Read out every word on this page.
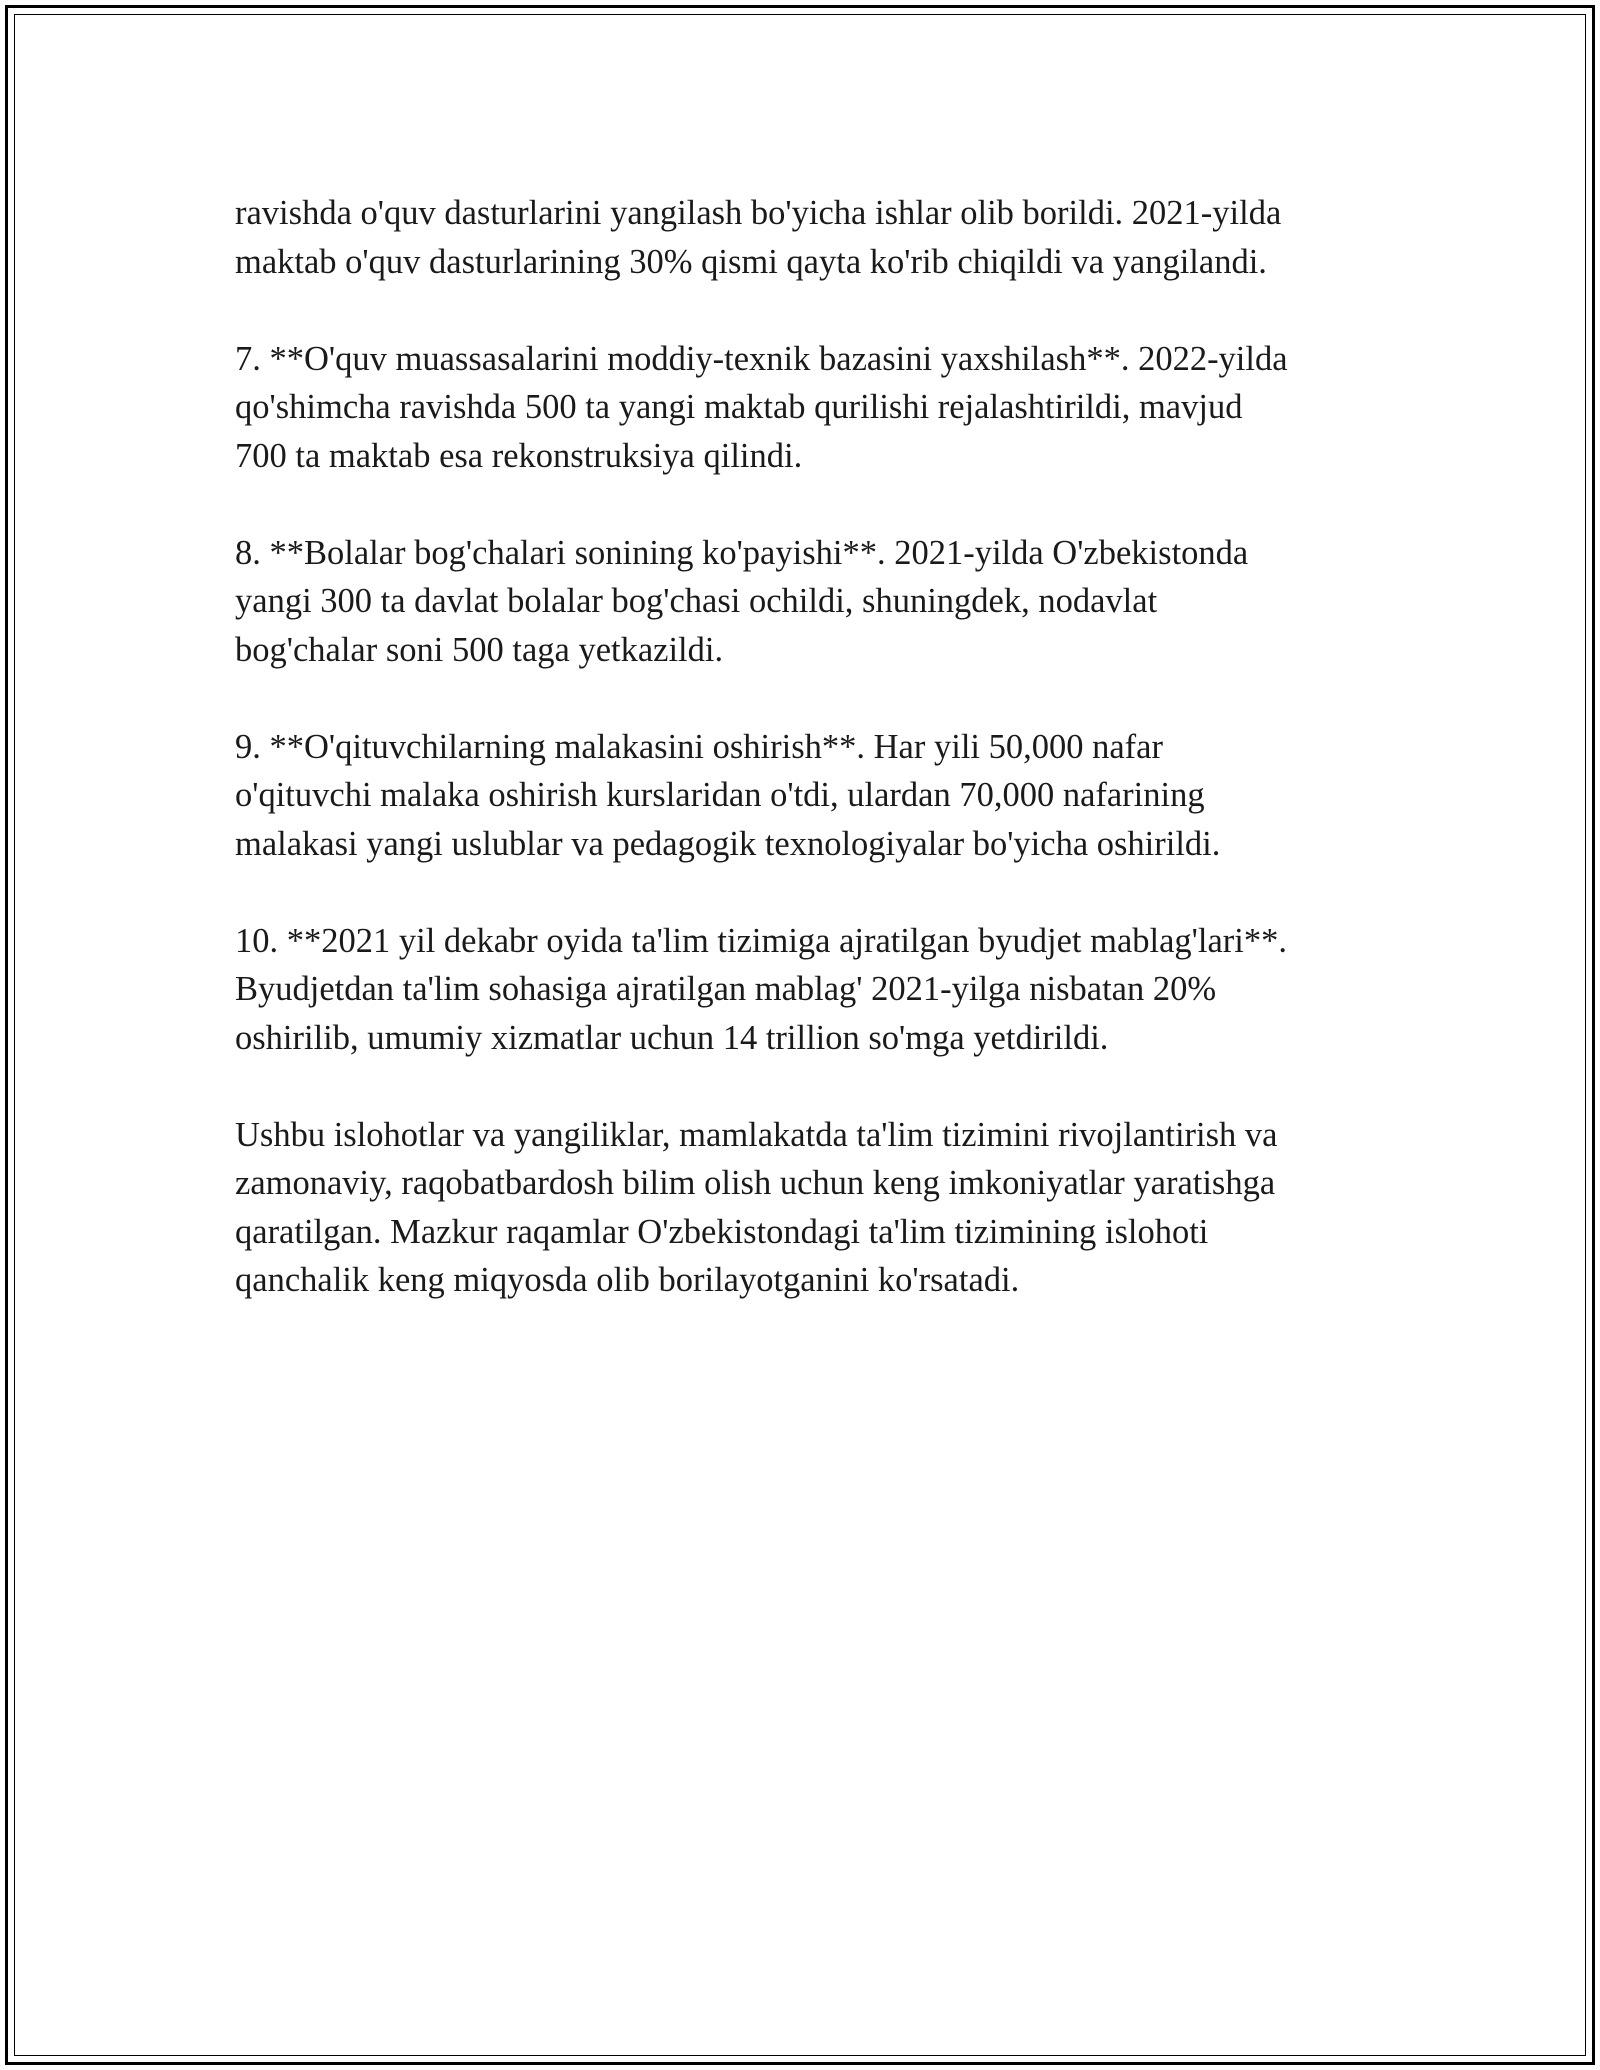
ravishda o'quv dasturlarini yangilash bo'yicha ishlar olib borildi. 2021-yilda
maktab o'quv dasturlarining 30% qismi qayta ko'rib chiqildi va yangilandi.

7. **O'quv muassasalarini moddiy-texnik bazasini yaxshilash**. 2022-yilda
qo'shimcha ravishda 500 ta yangi maktab qurilishi rejalashtirildi, mavjud
700 ta maktab esa rekonstruksiya qilindi.

8. **Bolalar bog'chalari sonining ko'payishi**. 2021-yilda O'zbekistonda
yangi 300 ta davlat bolalar bog'chasi ochildi, shuningdek, nodavlat
bog'chalar soni 500 taga yetkazildi.

9. **O'qituvchilarning malakasini oshirish**. Har yili 50,000 nafar
o'qituvchi malaka oshirish kurslaridan o'tdi, ulardan 70,000 nafarining
malakasi yangi uslublar va pedagogik texnologiyalar bo'yicha oshirildi.

10. **2021 yil dekabr oyida ta'lim tizimiga ajratilgan byudjet mablag'lari**.
Byudjetdan ta'lim sohasiga ajratilgan mablag' 2021-yilga nisbatan 20%
oshirilib, umumiy xizmatlar uchun 14 trillion so'mga yetdirildi.

Ushbu islohotlar va yangiliklar, mamlakatda ta'lim tizimini rivojlantirish va
zamonaviy, raqobatbardosh bilim olish uchun keng imkoniyatlar yaratishga
qaratilgan. Mazkur raqamlar O'zbekistondagi ta'lim tizimining islohoti
qanchalik keng miqyosda olib borilayotganini ko'rsatadi.
